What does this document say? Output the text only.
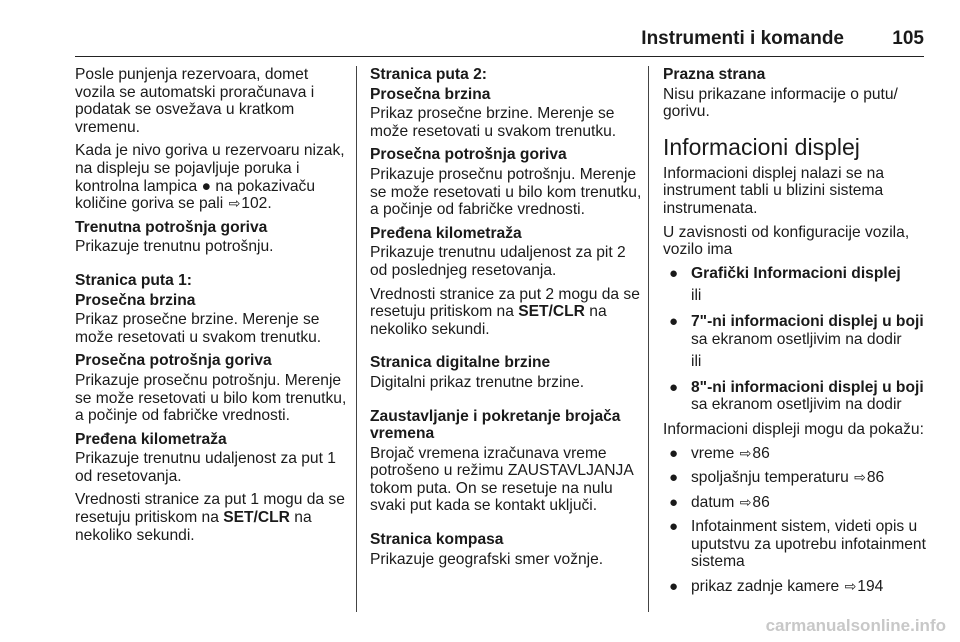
Instrumenti i komande	105

Posle punjenja rezervoara, domet vozila se automatski proračunava i podatak se osvežava u kratkom vremenu.

Kada je nivo goriva u rezervoaru nizak, na displeju se pojavljuje poruka i kontrolna lampica ● na pokazivaču količine goriva se pali ⇨102.

Trenutna potrošnja goriva

Prikazuje trenutnu potrošnju.

Stranica puta 1:

Prosečna brzina

Prikaz prosečne brzine. Merenje se može resetovati u svakom trenutku.

Prosečna potrošnja goriva

Prikazuje prosečnu potrošnju. Merenje se može resetovati u bilo kom trenutku, a počinje od fabričke vrednosti.

Pređena kilometraža

Prikazuje trenutnu udaljenost za put 1 od resetovanja.

Vrednosti stranice za put 1 mogu da se resetuju pritiskom na SET/CLR na nekoliko sekundi.

Stranica puta 2:

Prosečna brzina

Prikaz prosečne brzine. Merenje se može resetovati u svakom trenutku.

Prosečna potrošnja goriva

Prikazuje prosečnu potrošnju. Merenje se može resetovati u bilo kom trenutku, a počinje od fabričke vrednosti.

Pređena kilometraža

Prikazuje trenutnu udaljenost za pit 2 od poslednjeg resetovanja.

Vrednosti stranice za put 2 mogu da se resetuju pritiskom na SET/CLR na nekoliko sekundi.

Stranica digitalne brzine

Digitalni prikaz trenutne brzine.

Zaustavljanje i pokretanje brojača vremena

Brojač vremena izračunava vreme potrošeno u režimu ZAUSTAVLJANJA tokom puta. On se resetuje na nulu svaki put kada se kontakt uključi.

Stranica kompasa

Prikazuje geografski smer vožnje.

Prazna strana

Nisu prikazane informacije o putu/ gorivu.

Informacioni displej

Informacioni displej nalazi se na instrument tabli u blizini sistema instrumenata.

U zavisnosti od konfiguracije vozila, vozilo ima

● Grafički Informacioni displej
ili
● 7"-ni informacioni displej u boji sa ekranom osetljivim na dodir
ili
● 8"-ni informacioni displej u boji sa ekranom osetljivim na dodir

Informacioni displeji mogu da pokažu:

● vreme ⇨86
● spoljašnju temperaturu ⇨86
● datum ⇨86
● Infotainment sistem, videti opis u uputstvu za upotrebu infotainment sistema
● prikaz zadnje kamere ⇨194
carmanualsonline.info
